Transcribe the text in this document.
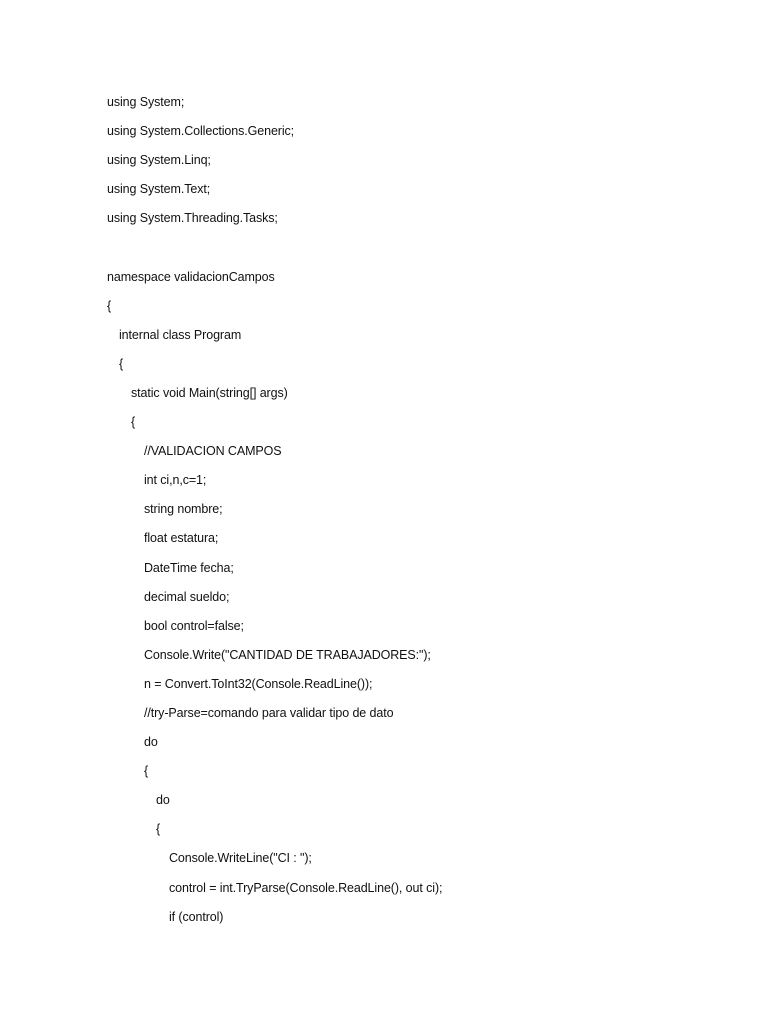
using System;
using System.Collections.Generic;
using System.Linq;
using System.Text;
using System.Threading.Tasks;
namespace validacionCampos
{
internal class Program
{
static void Main(string[] args)
{
//VALIDACION CAMPOS
int ci,n,c=1;
string nombre;
float estatura;
DateTime fecha;
decimal sueldo;
bool control=false;
Console.Write("CANTIDAD DE TRABAJADORES:");
n = Convert.ToInt32(Console.ReadLine());
//try-Parse=comando para validar tipo de dato
do
{
do
{
Console.WriteLine("CI : ");
control = int.TryParse(Console.ReadLine(), out ci);
if (control)
